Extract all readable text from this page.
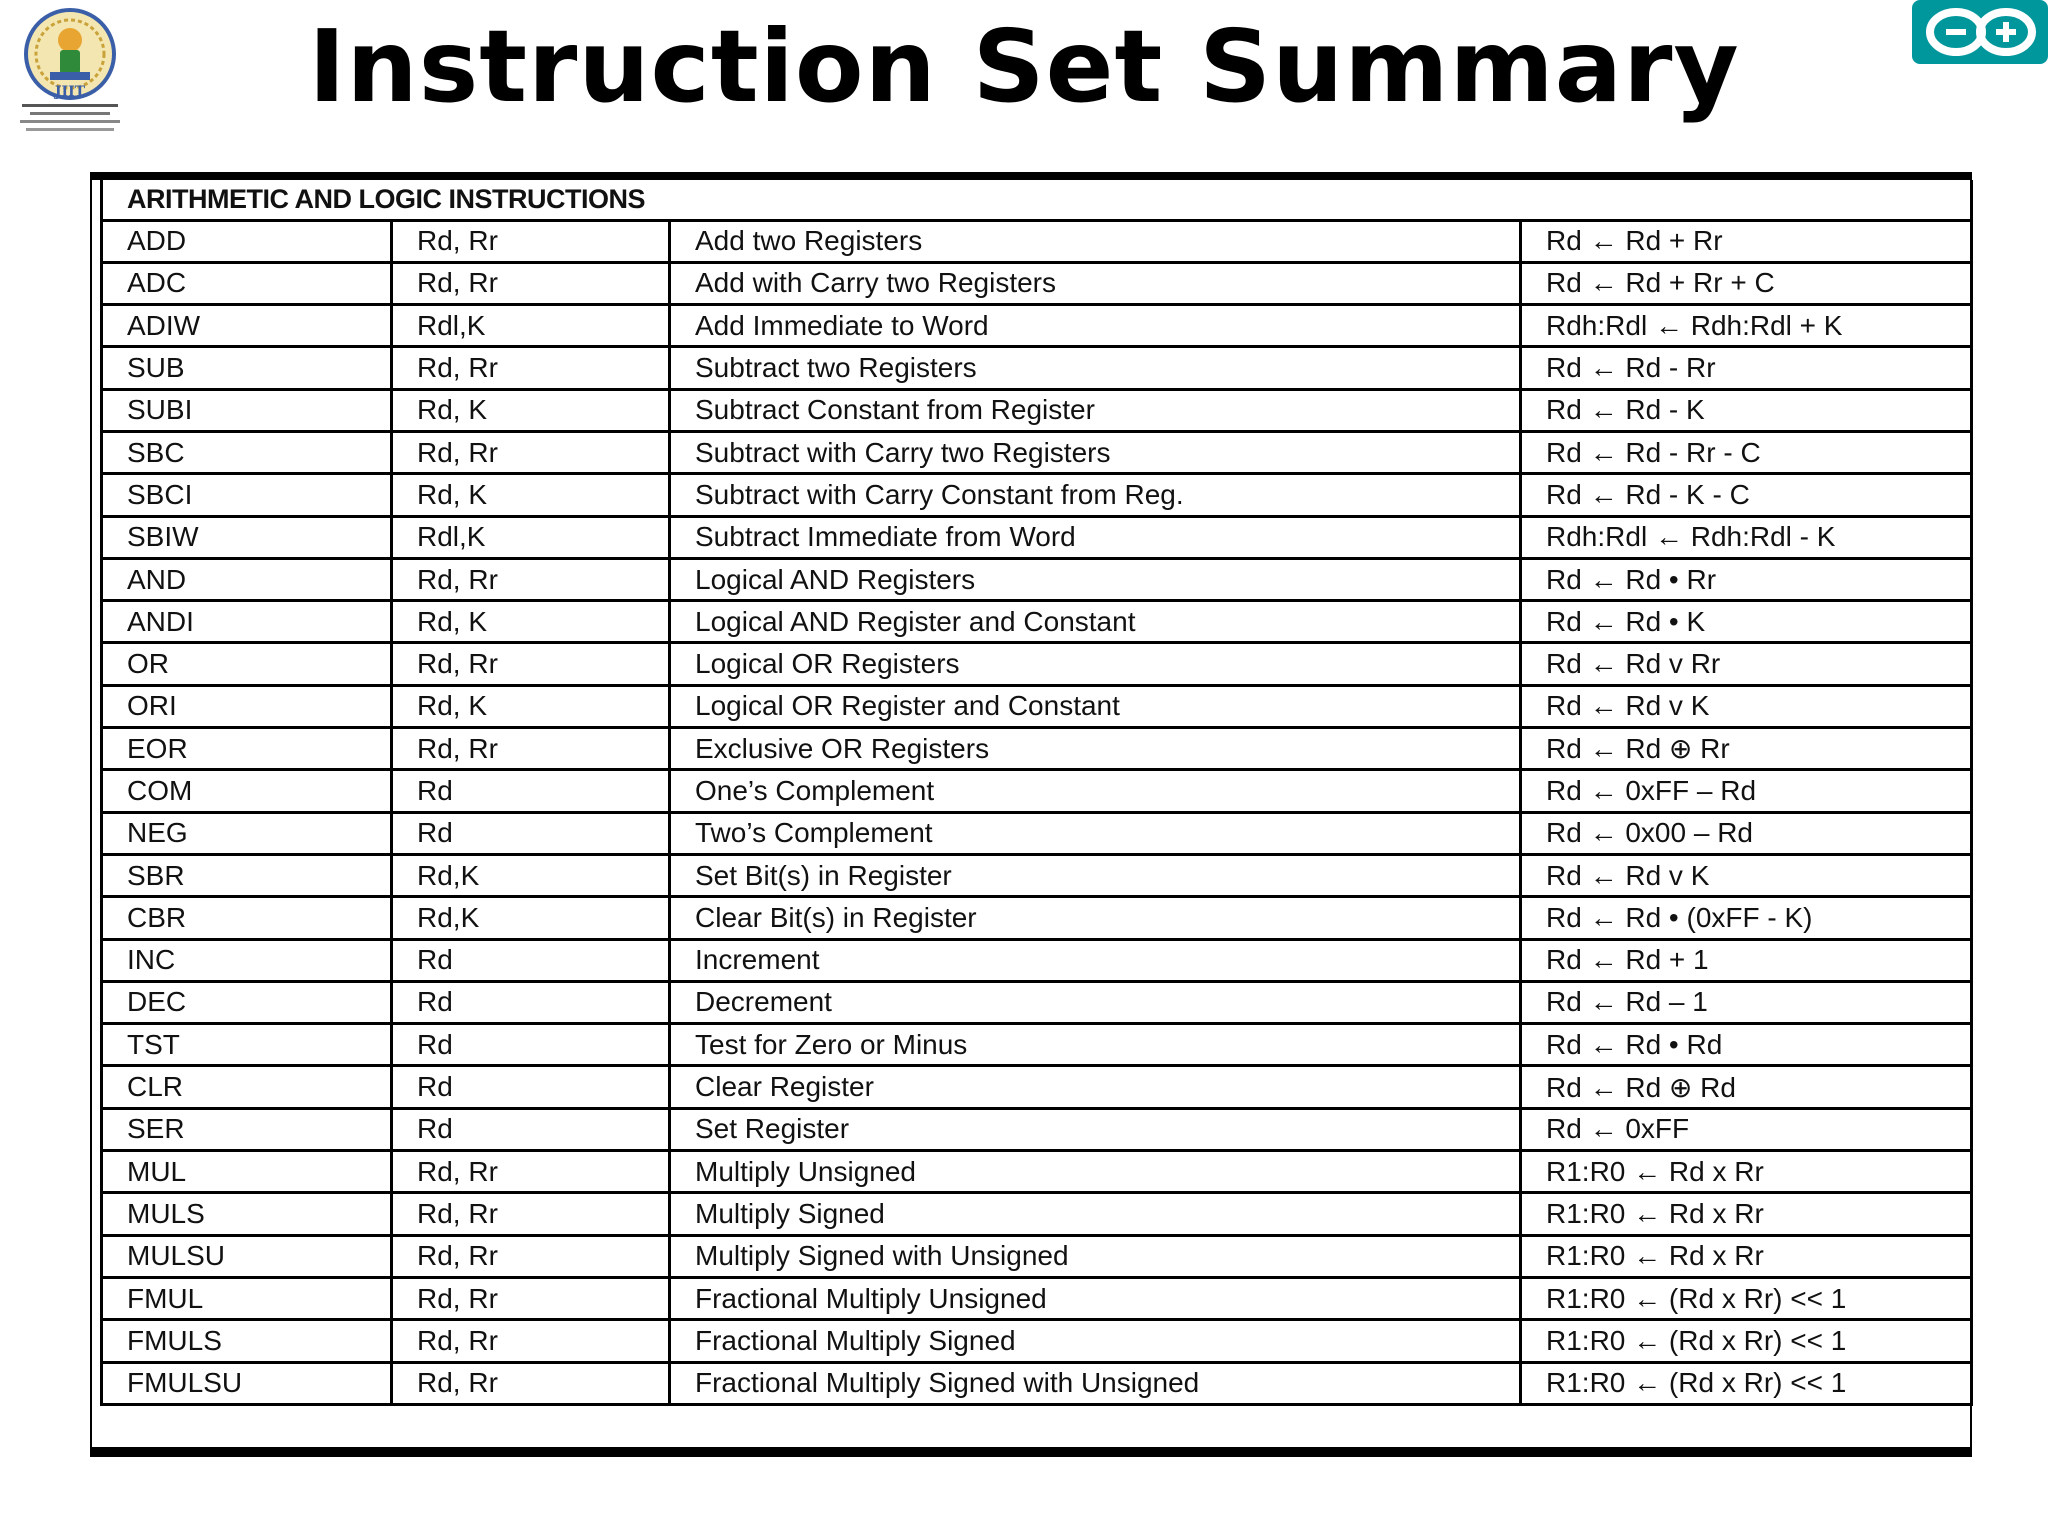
JIIT	Instruction Set Summary
ARITHMETIC AND LOGIC INSTRUCTIONS			
ADD	Rd, Rr	Add two Registers	Rd ← Rd + Rr
ADC	Rd, Rr	Add with Carry two Registers	Rd ← Rd + Rr + C
ADIW	Rdl,K	Add Immediate to Word	Rdh:Rdl ← Rdh:Rdl + K
SUB	Rd, Rr	Subtract two Registers	Rd ← Rd - Rr
SUBI	Rd, K	Subtract Constant from Register	Rd ← Rd - K
SBC	Rd, Rr	Subtract with Carry two Registers	Rd ← Rd - Rr - C
SBCI	Rd, K	Subtract with Carry Constant from Reg.	Rd ← Rd - K - C
SBIW	Rdl,K	Subtract Immediate from Word	Rdh:Rdl ← Rdh:Rdl - K
AND	Rd, Rr	Logical AND Registers	Rd ← Rd • Rr
ANDI	Rd, K	Logical AND Register and Constant	Rd ← Rd • K
OR	Rd, Rr	Logical OR Registers	Rd ← Rd v Rr
ORI	Rd, K	Logical OR Register and Constant	Rd ← Rd v K
EOR	Rd, Rr	Exclusive OR Registers	Rd ← Rd ⊕ Rr
COM	Rd	One’s Complement	Rd ← 0xFF – Rd
NEG	Rd	Two’s Complement	Rd ← 0x00 – Rd
SBR	Rd,K	Set Bit(s) in Register	Rd ← Rd v K
CBR	Rd,K	Clear Bit(s) in Register	Rd ← Rd • (0xFF - K)
INC	Rd	Increment	Rd ← Rd + 1
DEC	Rd	Decrement	Rd ← Rd – 1
TST	Rd	Test for Zero or Minus	Rd ← Rd • Rd
CLR	Rd	Clear Register	Rd ← Rd ⊕ Rd
SER	Rd	Set Register	Rd ← 0xFF
MUL	Rd, Rr	Multiply Unsigned	R1:R0 ← Rd x Rr
MULS	Rd, Rr	Multiply Signed	R1:R0 ← Rd x Rr
MULSU	Rd, Rr	Multiply Signed with Unsigned	R1:R0 ← Rd x Rr
FMUL	Rd, Rr	Fractional Multiply Unsigned	R1:R0 ← (Rd x Rr) << 1
FMULS	Rd, Rr	Fractional Multiply Signed	R1:R0 ← (Rd x Rr) << 1
FMULSU	Rd, Rr	Fractional Multiply Signed with Unsigned	R1:R0 ← (Rd x Rr) << 1
